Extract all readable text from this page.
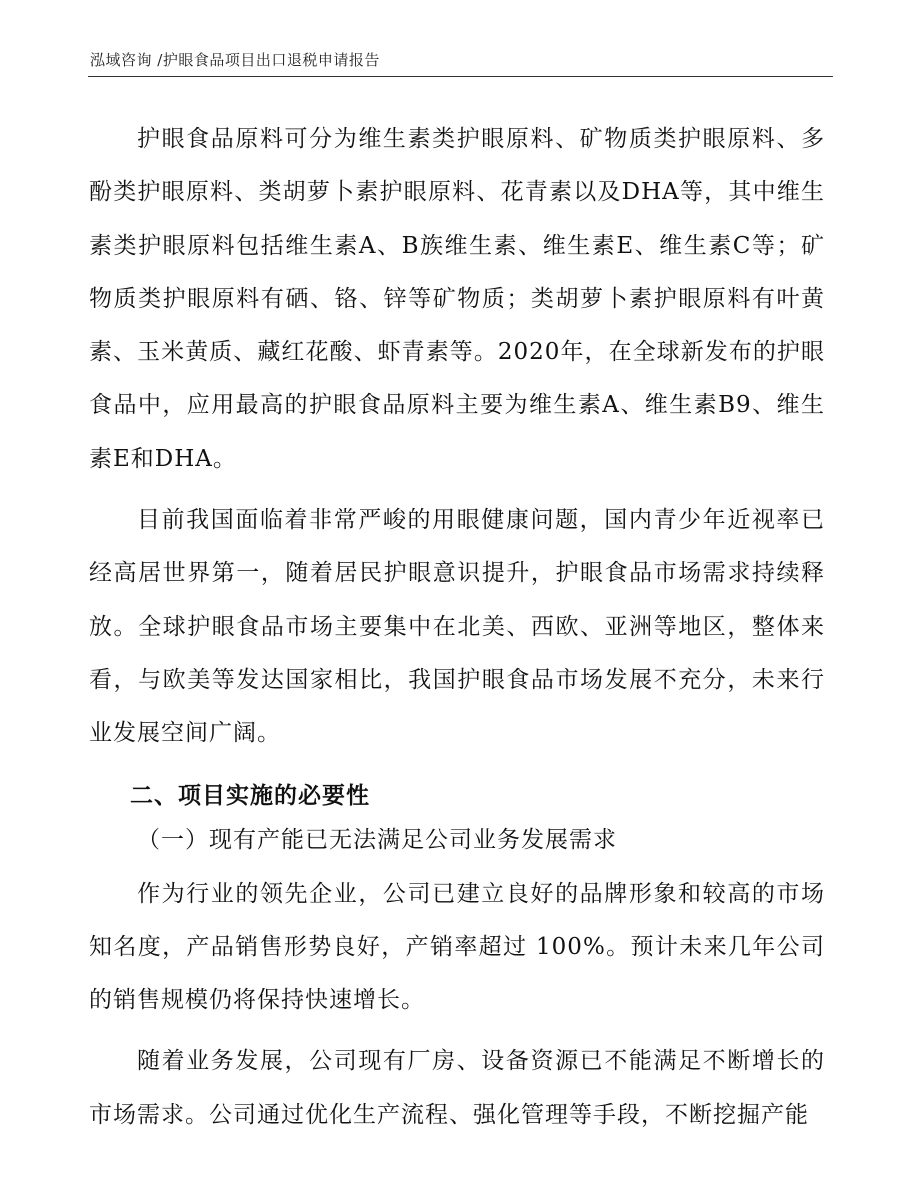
泓域咨询 /护眼食品项目出口退税申请报告

护眼食品原料可分为维生素类护眼原料、矿物质类护眼原料、多酚类护眼原料、类胡萝卜素护眼原料、花青素以及DHA等，其中维生素类护眼原料包括维生素A、B族维生素、维生素E、维生素C等；矿物质类护眼原料有硒、铬、锌等矿物质；类胡萝卜素护眼原料有叶黄素、玉米黄质、藏红花酸、虾青素等。2020年，在全球新发布的护眼食品中，应用最高的护眼食品原料主要为维生素A、维生素B9、维生素E和DHA。

目前我国面临着非常严峻的用眼健康问题，国内青少年近视率已经高居世界第一，随着居民护眼意识提升，护眼食品市场需求持续释放。全球护眼食品市场主要集中在北美、西欧、亚洲等地区，整体来看，与欧美等发达国家相比，我国护眼食品市场发展不充分，未来行业发展空间广阔。

二、项目实施的必要性

（一）现有产能已无法满足公司业务发展需求

作为行业的领先企业，公司已建立良好的品牌形象和较高的市场知名度，产品销售形势良好，产销率超过 100%。预计未来几年公司的销售规模仍将保持快速增长。

随着业务发展，公司现有厂房、设备资源已不能满足不断增长的市场需求。公司通过优化生产流程、强化管理等手段，不断挖掘产能
